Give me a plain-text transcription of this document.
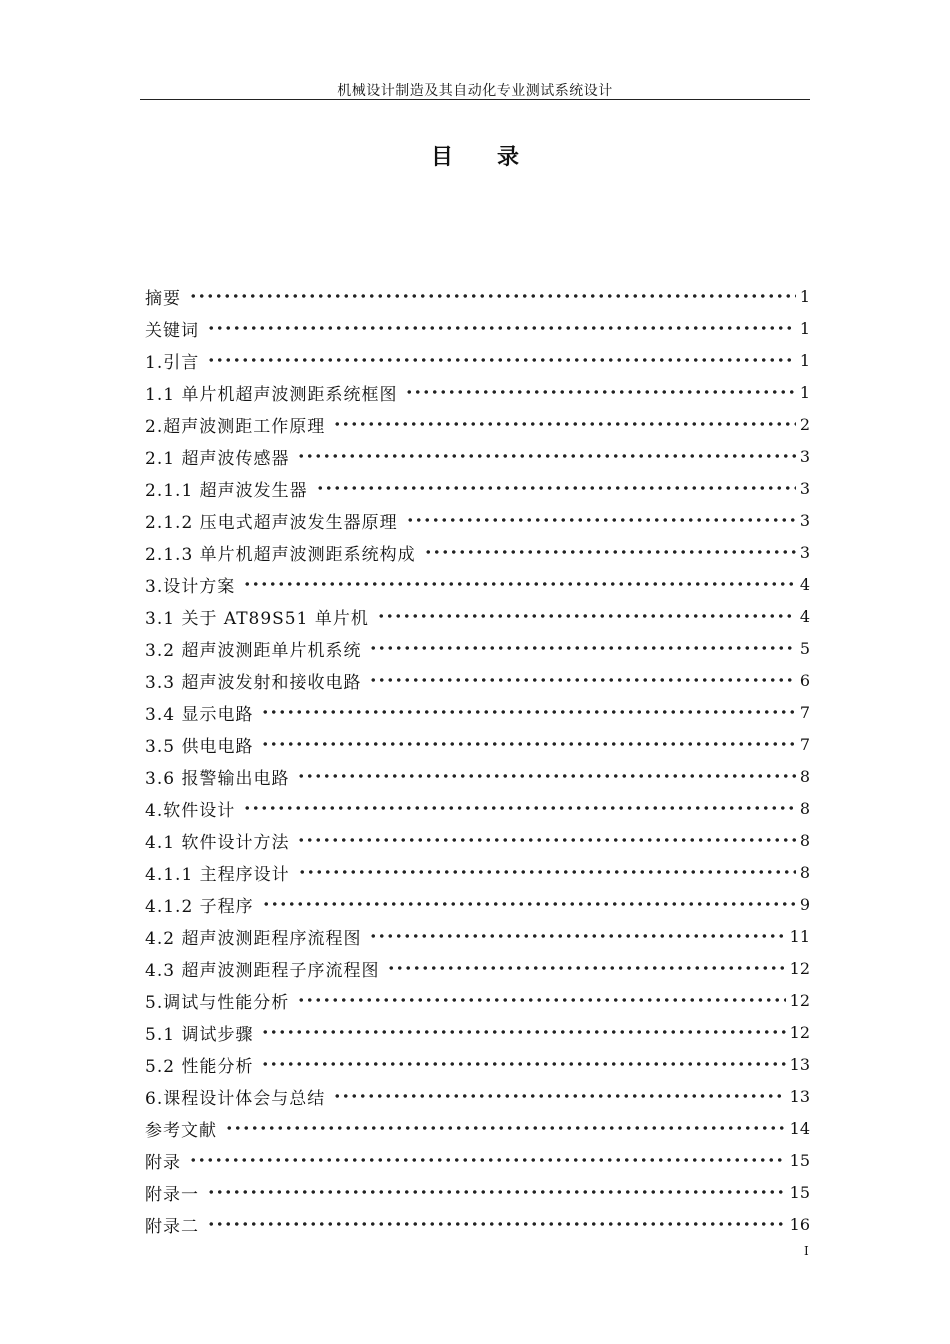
机械设计制造及其自动化专业测试系统设计
目录
摘要	1
关键词	1
1.引言	1
1.1 单片机超声波测距系统框图	1
2.超声波测距工作原理	2
2.1 超声波传感器	3
2.1.1 超声波发生器	3
2.1.2 压电式超声波发生器原理	3
2.1.3 单片机超声波测距系统构成	3
3.设计方案	4
3.1 关于 AT89S51 单片机	4
3.2 超声波测距单片机系统	5
3.3 超声波发射和接收电路	6
3.4 显示电路	7
3.5 供电电路	7
3.6 报警输出电路	8
4.软件设计	8
4.1 软件设计方法	8
4.1.1 主程序设计	8
4.1.2 子程序	9
4.2 超声波测距程序流程图	11
4.3 超声波测距程子序流程图	12
5.调试与性能分析	12
5.1 调试步骤	12
5.2 性能分析	13
6.课程设计体会与总结	13
参考文献	14
附录	15
附录一	15
附录二	16
I
